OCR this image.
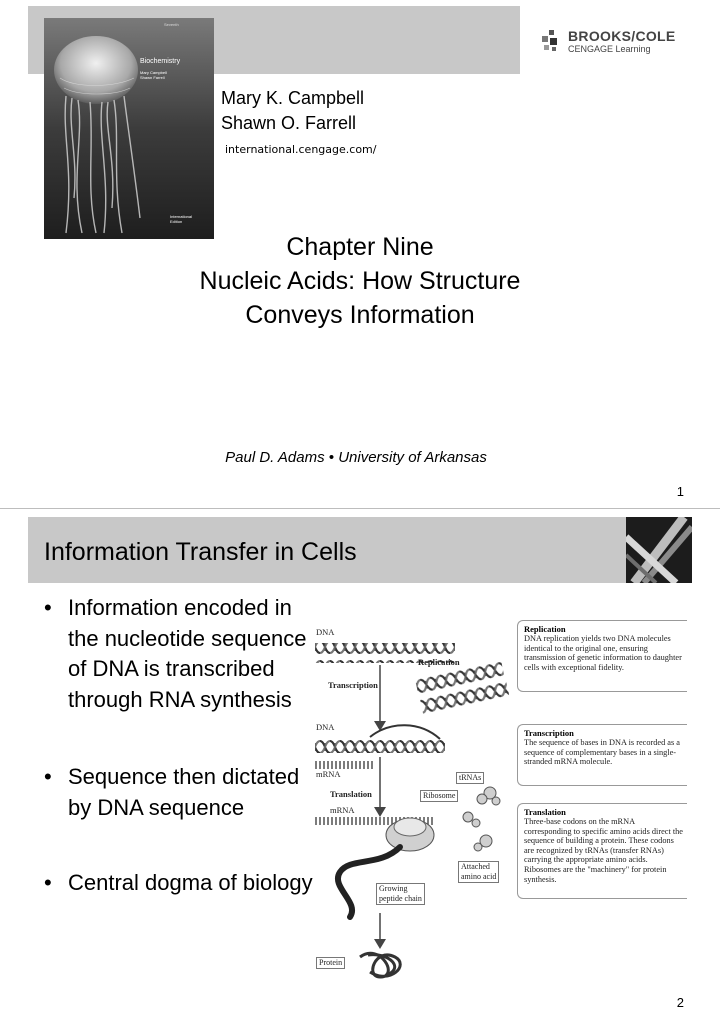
Seventh
Biochemistry
Mary Campbell
Shawn Farrell
International
Edition
BROOKS/COLE
CENGAGE Learning
Mary K. Campbell
Shawn O. Farrell
international.cengage.com/
Chapter Nine
Nucleic Acids: How Structure
Conveys Information
Paul D. Adams • University of Arkansas
1
Information Transfer in Cells
• Information encoded in the nucleotide sequence of DNA is transcribed through RNA synthesis
• Sequence then dictated by DNA sequence
• Central dogma of biology
DNA
Replication
Transcription
DNA
mRNA	tRNAs
Translation	Ribosome
mRNA
Attached
amino acid
Growing
peptide chain
Protein
Replication
DNA replication yields two DNA molecules identical to the original one, ensuring transmission of genetic information to daughter cells with exceptional fidelity.
Transcription
The sequence of bases in DNA is recorded as a sequence of complementary bases in a single-stranded mRNA molecule.
Translation
Three-base codons on the mRNA corresponding to specific amino acids direct the sequence of building a protein. These codons are recognized by tRNAs (transfer RNAs) carrying the appropriate amino acids. Ribosomes are the "machinery" for protein synthesis.
2
